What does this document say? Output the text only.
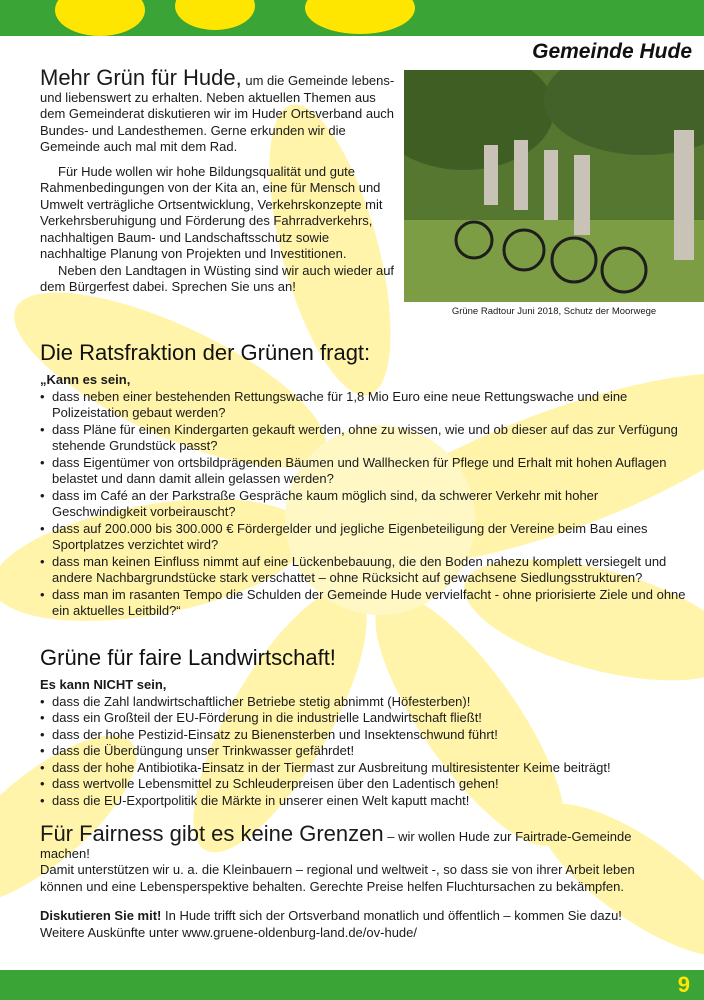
Gemeinde Hude

Mehr Grün für Hude, um die Gemeinde lebens- und liebenswert zu erhalten. Neben aktuellen Themen aus dem Gemeinderat diskutieren wir im Huder Ortsverband auch Bundes- und Landesthemen. Gerne erkunden wir die Gemeinde auch mal mit dem Rad.

Für Hude wollen wir hohe Bildungsqualität und gute Rahmenbedingungen von der Kita an, eine für Mensch und Umwelt verträgliche Ortsentwicklung, Verkehrskonzepte mit Verkehrsberuhigung und Förderung des Fahrradverkehrs, nachhaltigen Baum- und Landschaftsschutz sowie nachhaltige Planung von Projekten und Investitionen.

Neben den Landtagen in Wüsting sind wir auch wieder auf dem Bürgerfest dabei. Sprechen Sie uns an!

Grüne Radtour Juni 2018, Schutz der Moorwege
Die Ratsfraktion der Grünen fragt:
„Kann es sein,
• dass neben einer bestehenden Rettungswache für 1,8 Mio Euro eine neue Rettungswache und eine Polizeistation gebaut werden?
• dass Pläne für einen Kindergarten gekauft werden, ohne zu wissen, wie und ob dieser auf das zur Verfügung stehende Grundstück passt?
• dass Eigentümer von ortsbildprägenden Bäumen und Wallhecken für Pflege und Erhalt mit hohen Auflagen belastet und dann damit allein gelassen werden?
• dass im Café an der Parkstraße Gespräche kaum möglich sind, da schwerer Verkehr mit hoher Geschwindigkeit vorbeirauscht?
• dass auf 200.000 bis 300.000 € Fördergelder und jegliche Eigenbeteiligung der Vereine beim Bau eines Sportplatzes verzichtet wird?
• dass man keinen Einfluss nimmt auf eine Lückenbebauung, die den Boden nahezu komplett versiegelt und andere Nachbargrundstücke stark verschattet – ohne Rücksicht auf gewachsene Siedlungsstrukturen?
• dass man im rasanten Tempo die Schulden der Gemeinde Hude vervielfacht - ohne priorisierte Ziele und ohne ein aktuelles Leitbild?“
Grüne für faire Landwirtschaft!
Es kann NICHT sein,
• dass die Zahl landwirtschaftlicher Betriebe stetig abnimmt (Höfesterben)!
• dass ein Großteil der EU-Förderung in die industrielle Landwirtschaft fließt!
• dass der hohe Pestizid-Einsatz zu Bienensterben und Insektenschwund führt!
• dass die Überdüngung unser Trinkwasser gefährdet!
• dass der hohe Antibiotika-Einsatz in der Tiermast zur Ausbreitung multiresistenter Keime beiträgt!
• dass wertvolle Lebensmittel zu Schleuderpreisen über den Ladentisch gehen!
• dass die EU-Exportpolitik die Märkte in unserer einen Welt kaputt macht!

Für Fairness gibt es keine Grenzen – wir wollen Hude zur Fairtrade-Gemeinde machen!

Damit unterstützen wir u. a. die Kleinbauern – regional und weltweit -, so dass sie von ihrer Arbeit leben können und eine Lebensperspektive behalten. Gerechte Preise helfen Fluchtursachen zu bekämpfen.

Diskutieren Sie mit! In Hude trifft sich der Ortsverband monatlich und öffentlich – kommen Sie dazu!

Weitere Auskünfte unter www.gruene-oldenburg-land.de/ov-hude/

9
